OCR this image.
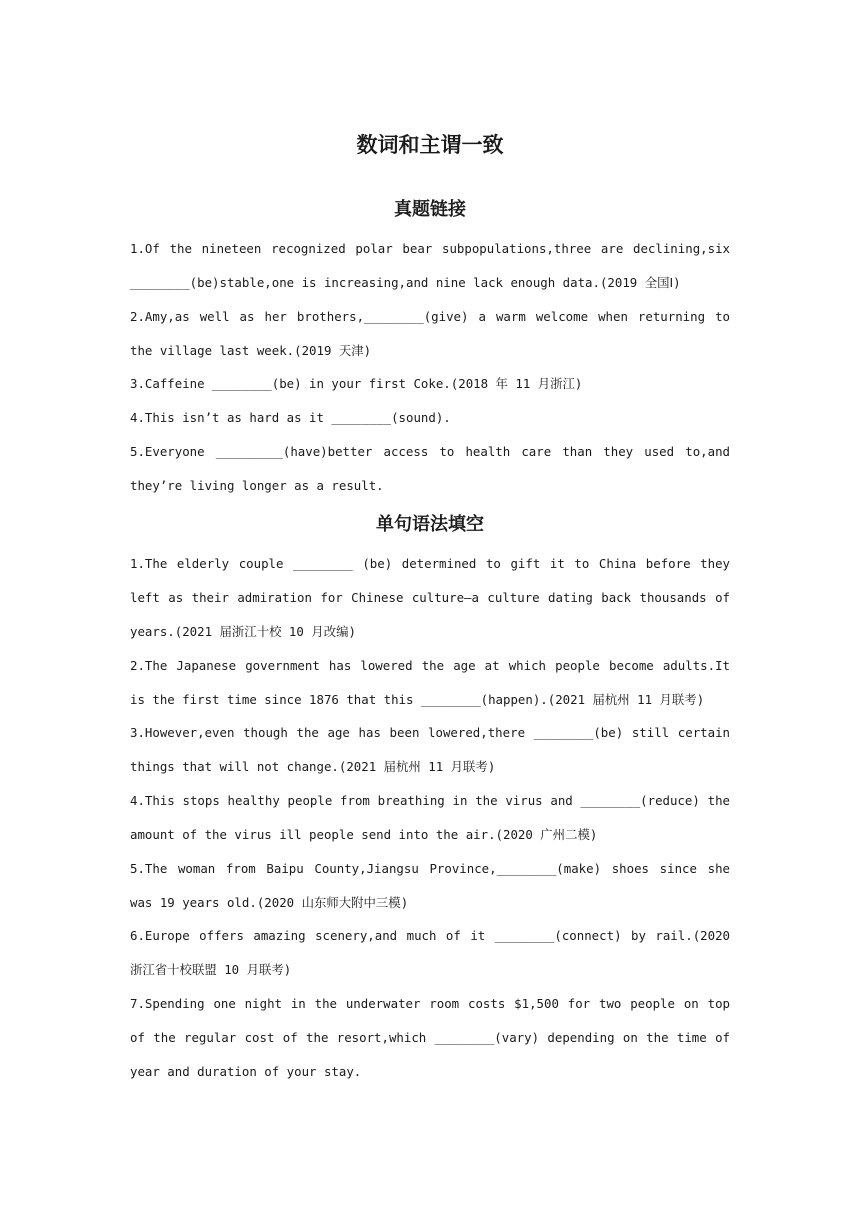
数词和主谓一致
真题链接
1.Of the nineteen recognized polar bear subpopulations,three are declining,six ________(be)stable,one is increasing,and nine lack enough data.(2019 全国Ⅰ)
2.Amy,as well as her brothers,________(give) a warm welcome when returning to the village last week.(2019 天津)
3.Caffeine ________(be) in your first Coke.(2018 年 11 月浙江)
4.This isn’t as hard as it ________(sound).
5.Everyone _________(have)better access to health care than they used to,and they’re living longer as a result.
单句语法填空
1.The elderly couple ________ (be) determined to gift it to China before they left as their admiration for Chinese culture—a culture dating back thousands of years.(2021 届浙江十校 10 月改编)
2.The Japanese government has lowered the age at which people become adults.It is the first time since 1876 that this ________(happen).(2021 届杭州 11 月联考)
3.However,even though the age has been lowered,there ________(be) still certain things that will not change.(2021 届杭州 11 月联考)
4.This stops healthy people from breathing in the virus and ________(reduce) the amount of the virus ill people send into the air.(2020 广州二模)
5.The woman from Baipu County,Jiangsu Province,________(make) shoes since she was 19 years old.(2020 山东师大附中三模)
6.Europe offers amazing scenery,and much of it ________(connect) by rail.(2020 浙江省十校联盟 10 月联考)
7.Spending one night in the underwater room costs $1,500 for two people on top of the regular cost of the resort,which ________(vary) depending on the time of year and duration of your stay.
